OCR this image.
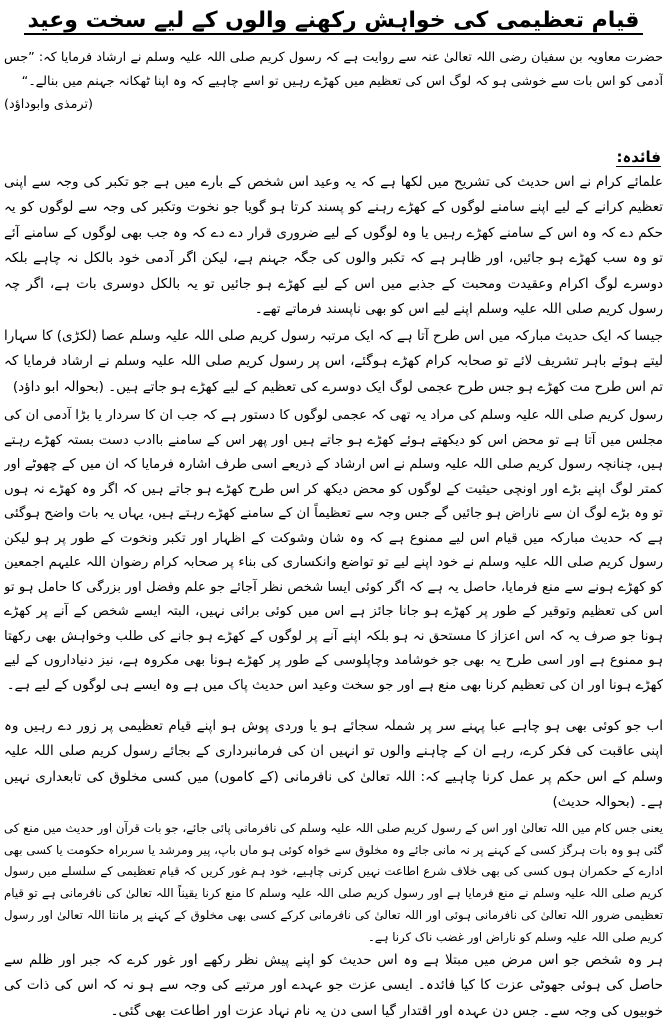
قیام تعظیمی کی خواہش رکھنے والوں کے لیے سخت وعید
حضرت معاویہ بن سفیان رضی اللہ تعالیٰ عنہ سے روایت ہے کہ رسول کریم صلی اللہ علیہ وسلم نے ارشاد فرمایا کہ: ”جس آدمی کو اس بات سے خوشی ہو کہ لوگ اس کی تعظیم میں کھڑے رہیں تو اسے چاہیے کہ وہ اپنا ٹھکانہ جہنم میں بنالے۔“
(ترمذی وابوداؤد)
فائدہ:
علمائے کرام نے اس حدیث کی تشریح میں لکھا ہے کہ یہ وعید اس شخص کے بارے میں ہے جو تکبر کی وجہ سے اپنی تعظیم کرانے کے لیے اپنے سامنے لوگوں کے کھڑے رہنے کو پسند کرتا ہو گویا جو نخوت وتکبر کی وجہ سے لوگوں کو یہ حکم دے کہ وہ اس کے سامنے کھڑے رہیں یا وہ لوگوں کے لیے ضروری قرار دے دے کہ وہ جب بھی لوگوں کے سامنے آئے تو وہ سب کھڑے ہو جائیں، اور ظاہر ہے کہ تکبر والوں کی جگہ جہنم ہے، لیکن اگر آدمی خود بالکل نہ چاہے بلکہ دوسرے لوگ اکرام وعقیدت ومحبت کے جذبے میں اس کے لیے کھڑے ہو جائیں تو یہ بالکل دوسری بات ہے، اگر چہ رسول کریم صلی اللہ علیہ وسلم اپنے لیے اس کو بھی ناپسند فرماتے تھے۔
جیسا کہ ایک حدیث مبارکہ میں اس طرح آتا ہے کہ ایک مرتبہ رسول کریم صلی اللہ علیہ وسلم عصا (لکڑی) کا سہارا لیتے ہوئے باہر تشریف لائے تو صحابہ کرام کھڑے ہوگئے، اس پر رسول کریم صلی اللہ علیہ وسلم نے ارشاد فرمایا کہ تم اس طرح مت کھڑے ہو جس طرح عجمی لوگ ایک دوسرے کی تعظیم کے لیے کھڑے ہو جاتے ہیں۔ (بحوالہ ابو داؤد)
رسول کریم صلی اللہ علیہ وسلم کی مراد یہ تھی کہ عجمی لوگوں کا دستور ہے کہ جب ان کا سردار یا بڑا آدمی ان کی مجلس میں آتا ہے تو محض اس کو دیکھتے ہوئے کھڑے ہو جاتے ہیں اور پھر اس کے سامنے باادب دست بستہ کھڑے رہتے ہیں، چنانچہ رسول کریم صلی اللہ علیہ وسلم نے اس ارشاد کے ذریعے اسی طرف اشارہ فرمایا کہ ان میں کے چھوٹے اور کمتر لوگ اپنے بڑے اور اونچی حیثیت کے لوگوں کو محض دیکھ کر اس طرح کھڑے ہو جاتے ہیں کہ اگر وہ کھڑے نہ ہوں تو وہ بڑے لوگ ان سے ناراض ہو جائیں گے جس وجہ سے تعظیماً ان کے سامنے کھڑے رہتے ہیں، یہاں یہ بات واضح ہوگئی ہے کہ حدیث مبارکہ میں قیام اس لیے ممنوع ہے کہ وہ شان وشوکت کے اظہار اور تکبر ونخوت کے طور پر ہو لیکن رسول کریم صلی اللہ علیہ وسلم نے خود اپنے لیے تو تواضع وانکساری کی بناء پر صحابہ کرام رضوان اللہ علیہم اجمعین کو کھڑے ہونے سے منع فرمایا، حاصل یہ ہے کہ اگر کوئی ایسا شخص نظر آجائے جو علم وفضل اور بزرگی کا حامل ہو تو اس کی تعظیم وتوقیر کے طور پر کھڑے ہو جانا جائز ہے اس میں کوئی برائی نہیں، البتہ ایسے شخص کے آنے پر کھڑے ہونا جو صرف یہ کہ اس اعزاز کا مستحق نہ ہو بلکہ اپنے آنے پر لوگوں کے کھڑے ہو جانے کی طلب وخواہش بھی رکھتا ہو ممنوع ہے اور اسی طرح یہ بھی جو خوشامد وچاپلوسی کے طور پر کھڑے ہونا بھی مکروہ ہے، نیز دنیاداروں کے لیے کھڑے ہونا اور ان کی تعظیم کرنا بھی منع ہے اور جو سخت وعید اس حدیث پاک میں ہے وہ ایسے ہی لوگوں کے لیے ہے۔
اب جو کوئی بھی ہو چاہے عبا پہنے سر پر شملہ سجائے ہو یا وردی پوش ہو اپنے قیام تعظیمی پر زور دے رہیں وہ اپنی عاقبت کی فکر کرے، رہے ان کے چاہنے والوں تو انہیں ان کی فرمانبرداری کے بجائے رسول کریم صلی اللہ علیہ وسلم کے اس حکم پر عمل کرنا چاہیے کہ: اللہ تعالیٰ کی نافرمانی (کے کاموں) میں کسی مخلوق کی تابعداری نہیں ہے۔ (بحوالہ حدیث)
یعنی جس کام میں اللہ تعالیٰ اور اس کے رسول کریم صلی اللہ علیہ وسلم کی نافرمانی پائی جائے، جو بات قرآن اور حدیث میں منع کی گئی ہو وہ بات ہرگز کسی کے کہنے پر نہ مانی جائے وہ مخلوق سے خواہ کوئی ہو ماں باپ، پیر ومرشد یا سربراہ حکومت یا کسی بھی ادارے کے حکمران ہوں کسی کی بھی خلاف شرع اطاعت نہیں کرنی چاہیے، خود ہم غور کریں کہ قیام تعظیمی کے سلسلے میں رسول کریم صلی اللہ علیہ وسلم نے منع فرمایا ہے اور رسول کریم صلی اللہ علیہ وسلم کا منع کرنا یقیناً اللہ تعالیٰ کی نافرمانی ہے تو قیام تعظیمی ضرور اللہ تعالیٰ کی نافرمانی ہوئی اور اللہ تعالیٰ کی نافرمانی کرکے کسی بھی مخلوق کے کہنے پر مانتا اللہ تعالیٰ اور رسول کریم صلی اللہ علیہ وسلم کو ناراض اور غضب ناک کرنا ہے۔
ہر وہ شخص جو اس مرض میں مبتلا ہے وہ اس حدیث کو اپنے پیش نظر رکھے اور غور کرے کہ جبر اور ظلم سے حاصل کی ہوئی جھوٹی عزت کا کیا فائدہ۔ ایسی عزت جو عہدے اور مرتبے کی وجہ سے ہو نہ کہ اس کی ذات کی خوبیوں کی وجہ سے۔ جس دن عہدہ اور اقتدار گیا اسی دن یہ نام نہاد عزت اور اطاعت بھی گئی۔
